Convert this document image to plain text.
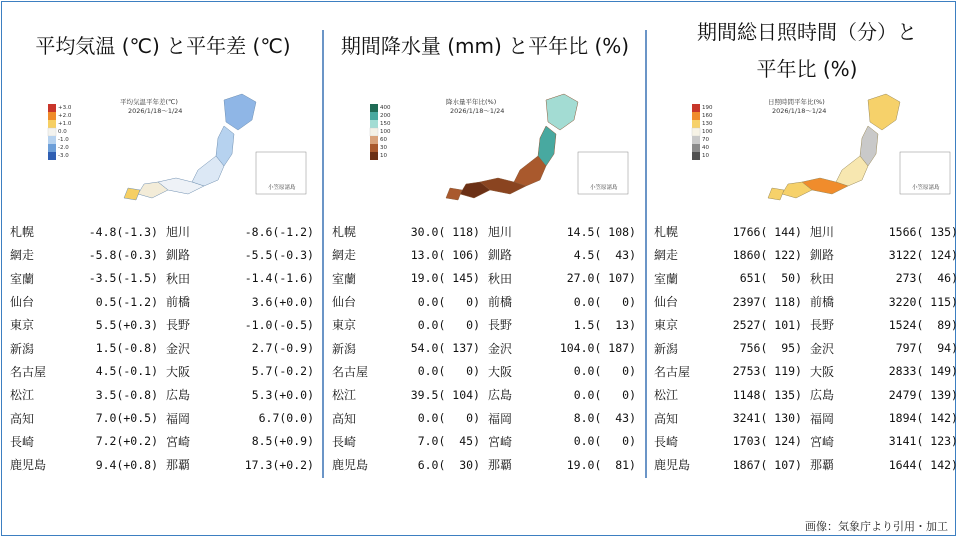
平均気温 (℃) と平年差 (℃)
+3.0
+2.0
+1.0
0.0
-1.0
-2.0
-3.0
平均気温平年差(℃)
2026/1/18～1/24
小笠原諸島
札幌	-4.8(-1.3) 旭川	-8.6(-1.2)
網走	-5.8(-0.3) 釧路	-5.5(-0.3)
室蘭	-3.5(-1.5) 秋田	-1.4(-1.6)
仙台	0.5(-1.2) 前橋	3.6(+0.0)
東京	5.5(+0.3) 長野	-1.0(-0.5)
新潟	1.5(-0.8) 金沢	2.7(-0.9)
名古屋	4.5(-0.1) 大阪	5.7(-0.2)
松江	3.5(-0.8) 広島	5.3(+0.0)
高知	7.0(+0.5) 福岡	6.7(0.0)
長崎	7.2(+0.2) 宮崎	8.5(+0.9)
鹿児島	9.4(+0.8) 那覇	17.3(+0.2)
期間降水量 (mm) と平年比 (%)
400
200
150
100
60
30
10
降水量平年比(%)
2026/1/18～1/24
小笠原諸島
札幌	30.0( 118) 旭川	14.5( 108)
網走	13.0( 106) 釧路	4.5(  43)
室蘭	19.0( 145) 秋田	27.0( 107)
仙台	0.0(   0) 前橋	0.0(   0)
東京	0.0(   0) 長野	1.5(  13)
新潟	54.0( 137) 金沢	104.0( 187)
名古屋	0.0(   0) 大阪	0.0(   0)
松江	39.5( 104) 広島	0.0(   0)
高知	0.0(   0) 福岡	8.0(  43)
長崎	7.0(  45) 宮崎	0.0(   0)
鹿児島	6.0(  30) 那覇	19.0(  81)
期間総日照時間（分）と
平年比 (%)
190
160
130
100
70
40
10
日照時間平年比(%)
2026/1/18～1/24
小笠原諸島
札幌	1766( 144) 旭川	1566( 135)
網走	1860( 122) 釧路	3122( 124)
室蘭	651(  50) 秋田	273(  46)
仙台	2397( 118) 前橋	3220( 115)
東京	2527( 101) 長野	1524(  89)
新潟	756(  95) 金沢	797(  94)
名古屋	2753( 119) 大阪	2833( 149)
松江	1148( 135) 広島	2479( 139)
高知	3241( 130) 福岡	1894( 142)
長崎	1703( 124) 宮崎	3141( 123)
鹿児島	1867( 107) 那覇	1644( 142)
画像：気象庁より引用・加工
